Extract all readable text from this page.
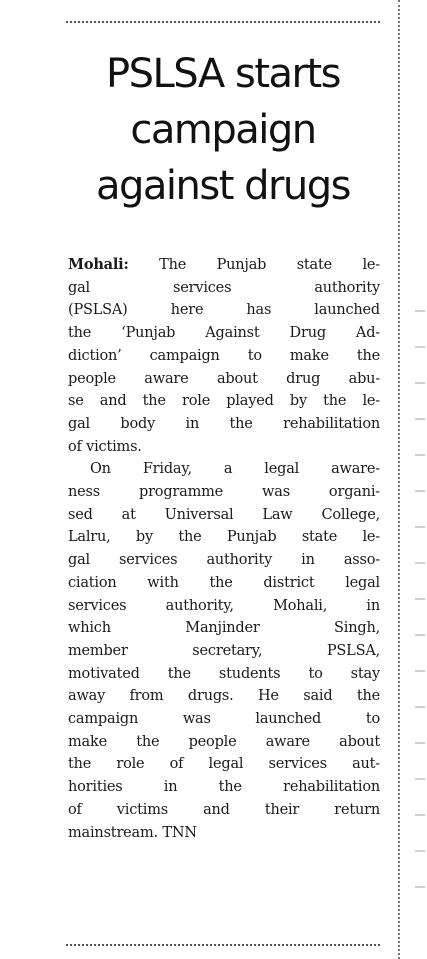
PSLSA starts
campaign
against drugs
Mohali: The Punjab state le-
gal services authority
(PSLSA) here has launched
the ‘Punjab Against Drug Ad-
diction’ campaign to make the
people aware about drug abu-
se and the role played by the le-
gal body in the rehabilitation
of victims.
On Friday, a legal aware-
ness programme was organi-
sed at Universal Law College,
Lalru, by the Punjab state le-
gal services authority in asso-
ciation with the district legal
services authority, Mohali, in
which Manjinder Singh,
member secretary, PSLSA,
motivated the students to stay
away from drugs. He said the
campaign was launched to
make the people aware about
the role of legal services aut-
horities in the rehabilitation
of victims and their return
mainstream. TNN
